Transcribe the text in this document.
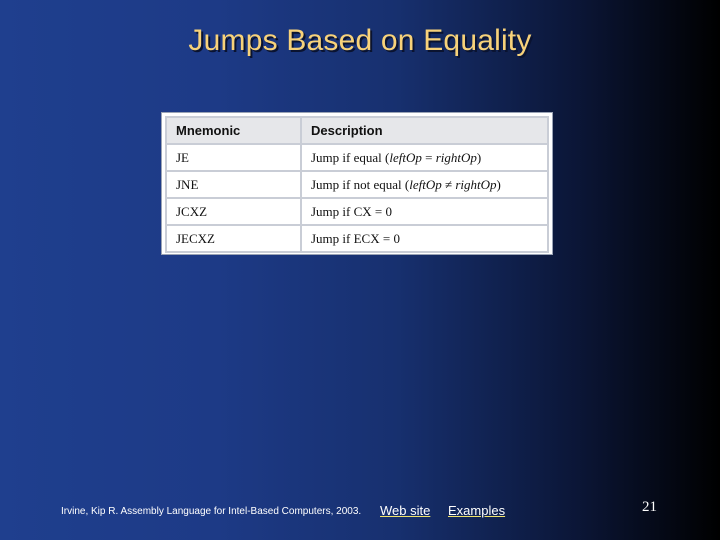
Jumps Based on Equality
Mnemonic	Description
JE	Jump if equal (leftOp = rightOp)
JNE	Jump if not equal (leftOp ≠ rightOp)
JCXZ	Jump if CX = 0
JECXZ	Jump if ECX = 0
Irvine, Kip R. Assembly Language for Intel-Based Computers, 2003. Web site Examples	21
